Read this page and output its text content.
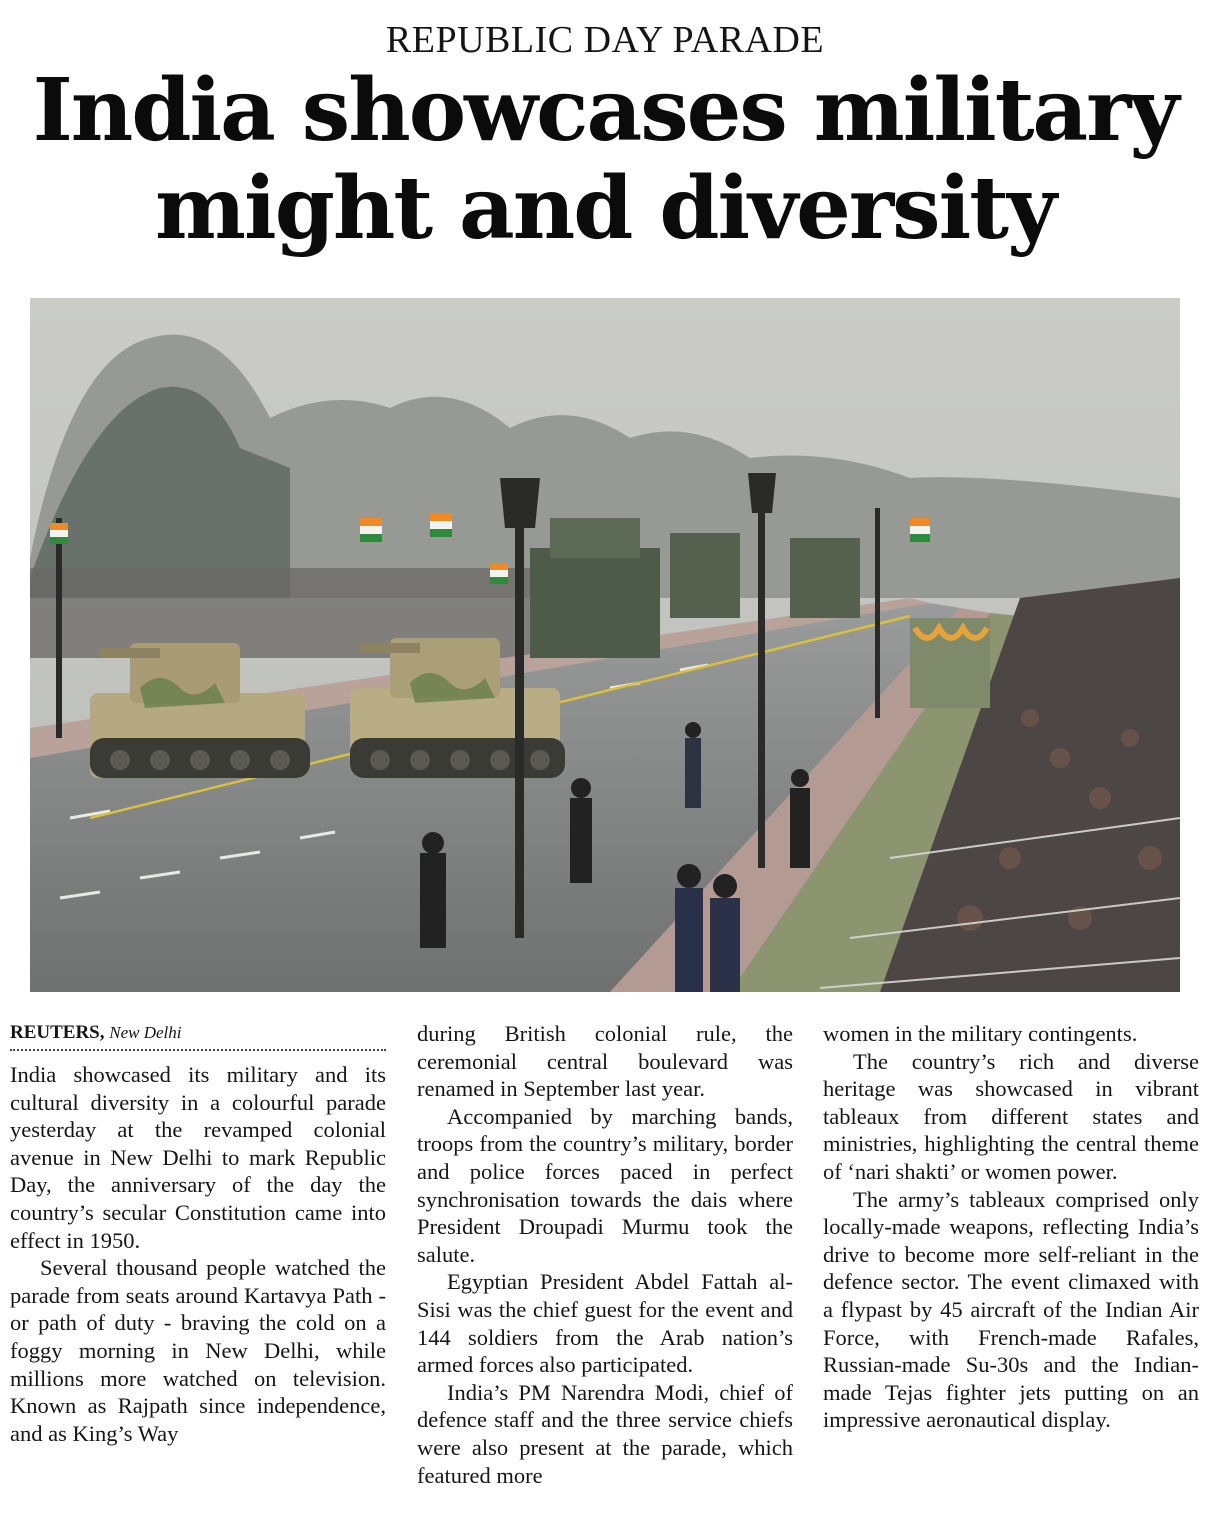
REPUBLIC DAY PARADE
India showcases military
might and diversity
REUTERS, New Delhi

India showcased its military and its cultural diversity in a colourful parade yesterday at the revamped colonial avenue in New Delhi to mark Republic Day, the anniversary of the day the country’s secular Constitution came into effect in 1950.

Several thousand people watched the parade from seats around Kartavya Path - or path of duty - braving the cold on a foggy morning in New Delhi, while millions more watched on television. Known as Rajpath since independence, and as King’s Way

during British colonial rule, the ceremonial central boulevard was renamed in September last year.

Accompanied by marching bands, troops from the country’s military, border and police forces paced in perfect synchronisation towards the dais where President Droupadi Murmu took the salute.

Egyptian President Abdel Fattah al-Sisi was the chief guest for the event and 144 soldiers from the Arab nation’s armed forces also participated.

India’s PM Narendra Modi, chief of defence staff and the three service chiefs were also present at the parade, which featured more

women in the military contingents.

The country’s rich and diverse heritage was showcased in vibrant tableaux from different states and ministries, highlighting the central theme of ‘nari shakti’ or women power.

The army’s tableaux comprised only locally-made weapons, reflecting India’s drive to become more self-reliant in the defence sector. The event climaxed with a flypast by 45 aircraft of the Indian Air Force, with French-made Rafales, Russian-made Su-30s and the Indian-made Tejas fighter jets putting on an impressive aeronautical display.
